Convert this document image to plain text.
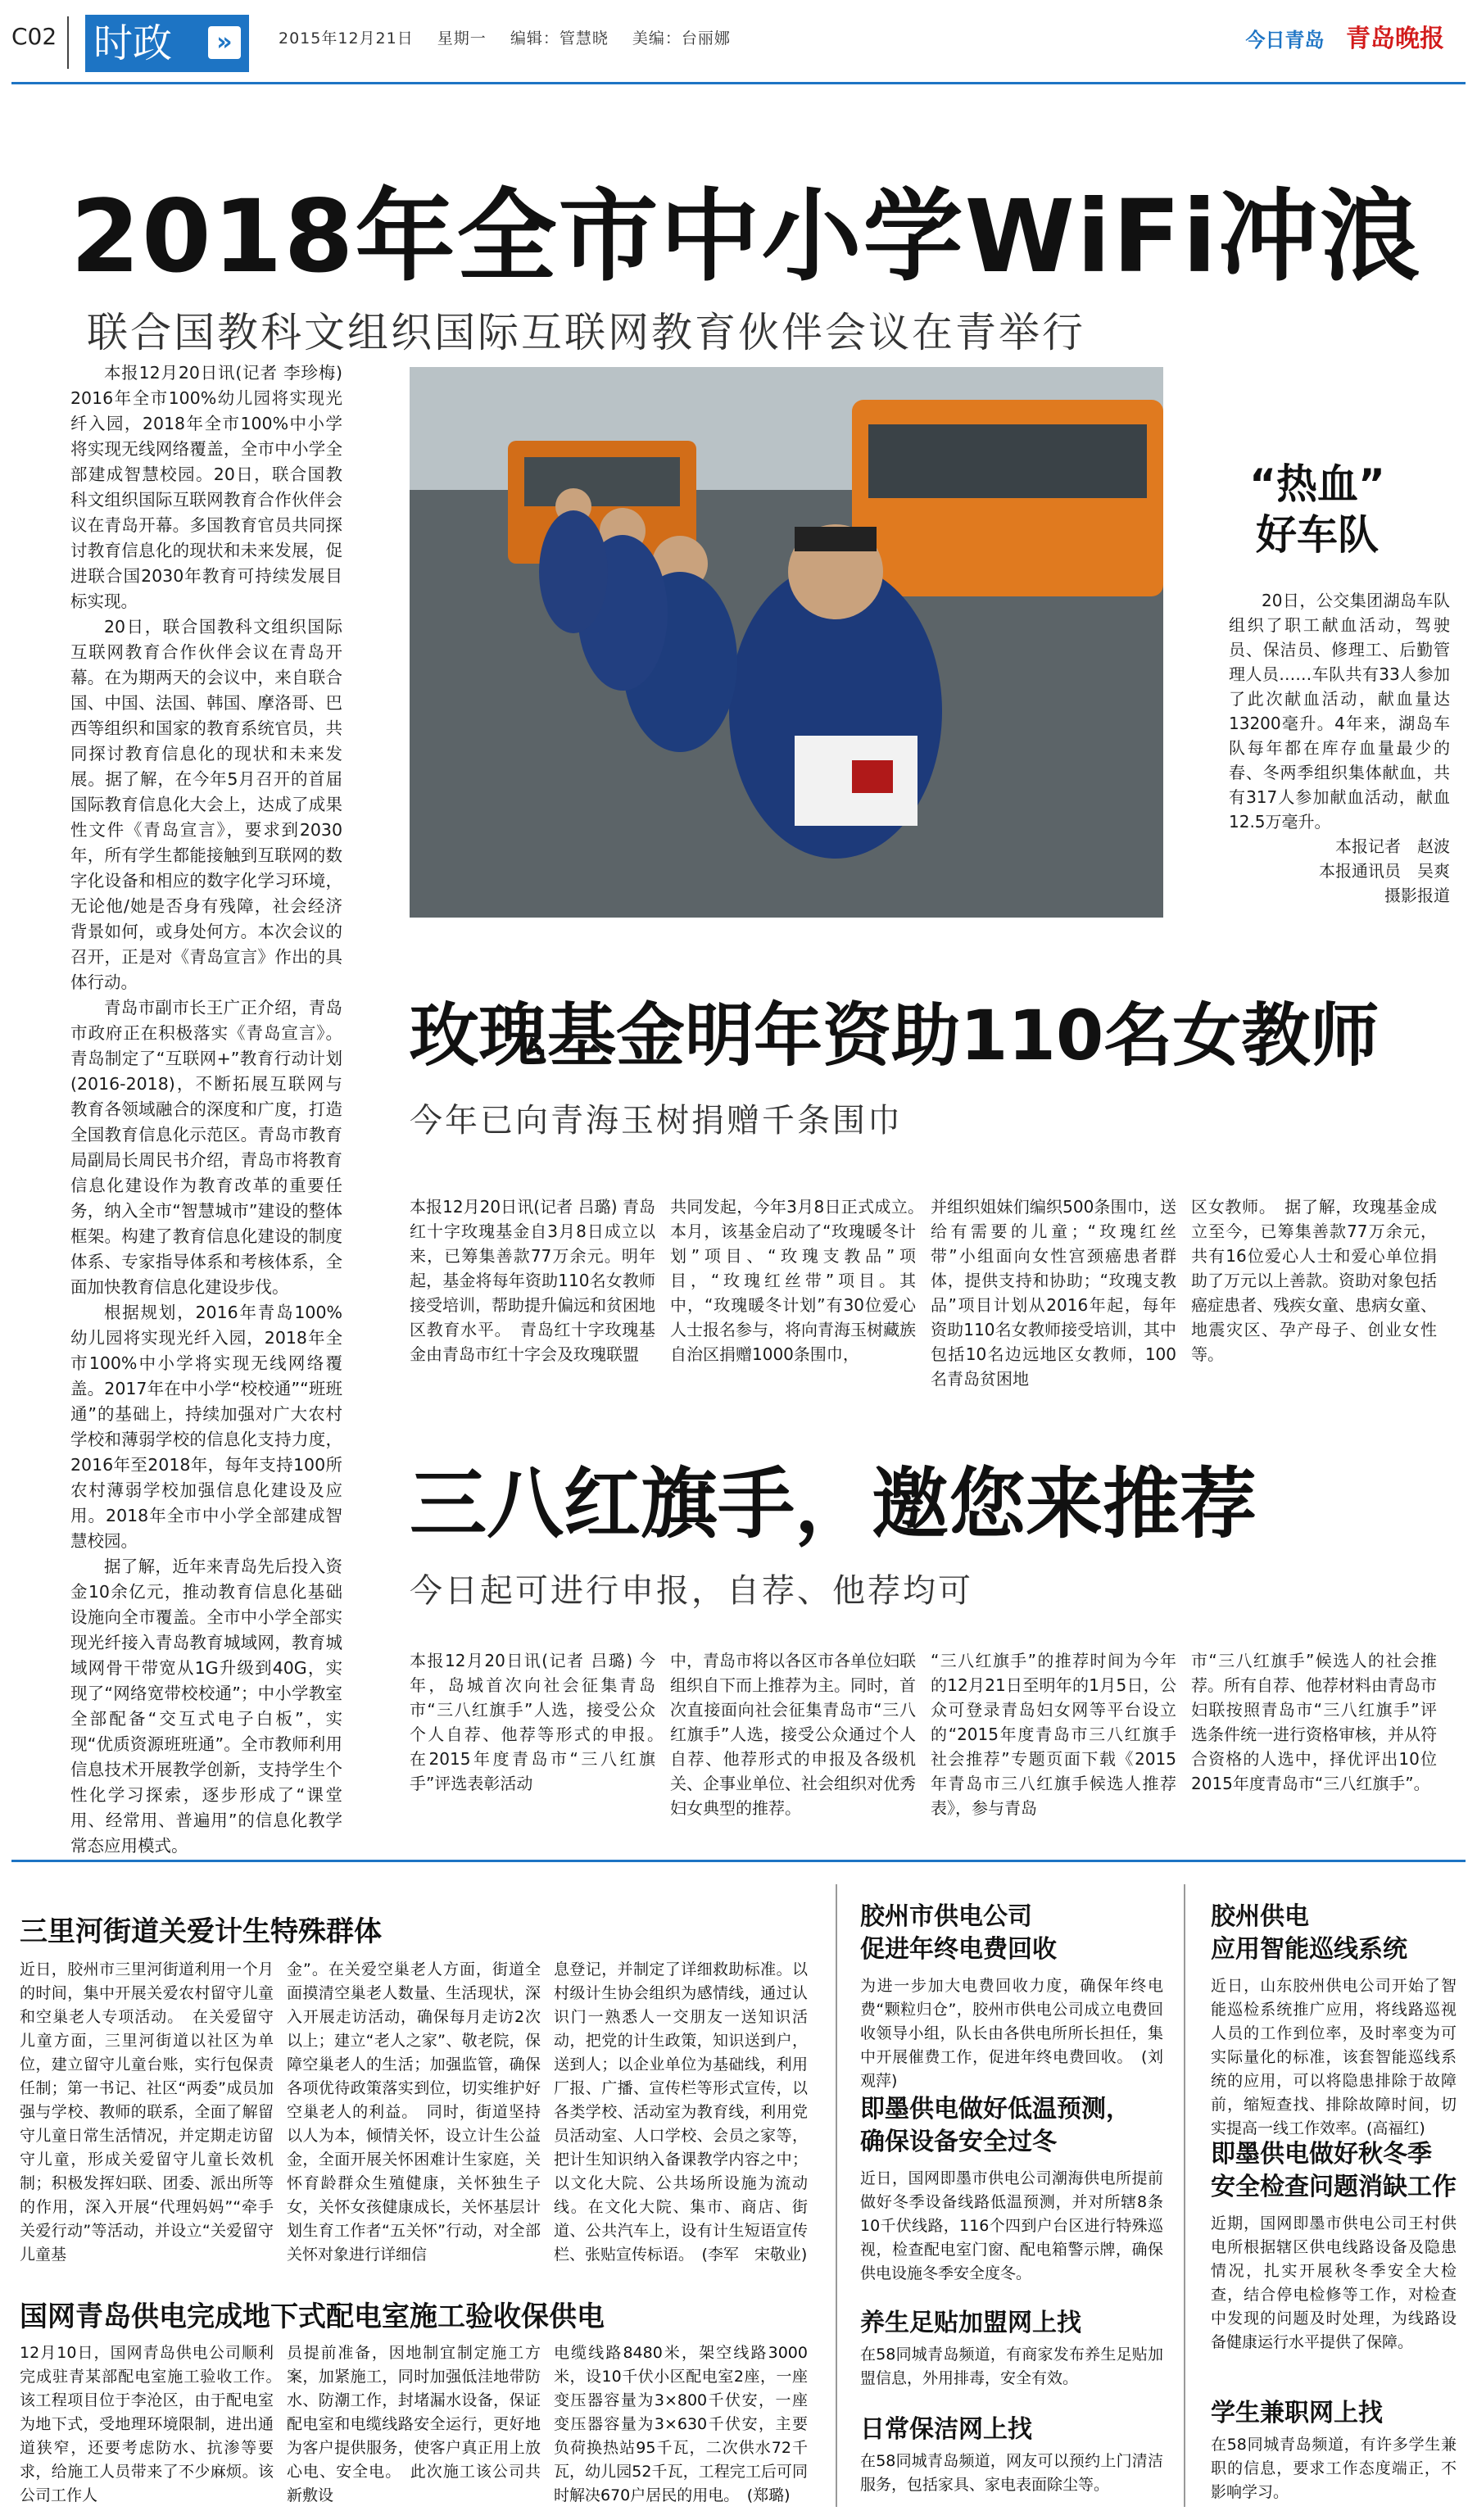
C02 时政	»	2015年12月21日 星期一 编辑：管慧晓 美编：台丽娜	今日青岛 青岛晚报
2018年全市中小学WiFi冲浪
联合国教科文组织国际互联网教育伙伴会议在青举行

本报12月20日讯(记者 李珍梅) 2016年全市100%幼儿园将实现光纤入园，2018年全市100%中小学将实现无线网络覆盖，全市中小学全部建成智慧校园。20日，联合国教科文组织国际互联网教育合作伙伴会议在青岛开幕。多国教育官员共同探讨教育信息化的现状和未来发展，促进联合国2030年教育可持续发展目标实现。

20日，联合国教科文组织国际互联网教育合作伙伴会议在青岛开幕。在为期两天的会议中，来自联合国、中国、法国、韩国、摩洛哥、巴西等组织和国家的教育系统官员，共同探讨教育信息化的现状和未来发展。据了解，在今年5月召开的首届国际教育信息化大会上，达成了成果性文件《青岛宣言》，要求到2030年，所有学生都能接触到互联网的数字化设备和相应的数字化学习环境，无论他/她是否身有残障，社会经济背景如何，或身处何方。本次会议的召开，正是对《青岛宣言》作出的具体行动。

青岛市副市长王广正介绍，青岛市政府正在积极落实《青岛宣言》。青岛制定了“互联网+”教育行动计划(2016-2018)，不断拓展互联网与教育各领域融合的深度和广度，打造全国教育信息化示范区。青岛市教育局副局长周民书介绍，青岛市将教育信息化建设作为教育改革的重要任务，纳入全市“智慧城市”建设的整体框架。构建了教育信息化建设的制度体系、专家指导体系和考核体系，全面加快教育信息化建设步伐。

根据规划，2016年青岛100%幼儿园将实现光纤入园，2018年全市100%中小学将实现无线网络覆盖。2017年在中小学“校校通”“班班通”的基础上，持续加强对广大农村学校和薄弱学校的信息化支持力度，2016年至2018年，每年支持100所农村薄弱学校加强信息化建设及应用。2018年全市中小学全部建成智慧校园。

据了解，近年来青岛先后投入资金10余亿元，推动教育信息化基础设施向全市覆盖。全市中小学全部实现光纤接入青岛教育城域网，教育城域网骨干带宽从1G升级到40G，实现了“网络宽带校校通”；中小学教室全部配备“交互式电子白板”，实现“优质资源班班通”。全市教师利用信息技术开展教学创新，支持学生个性化学习探索，逐步形成了“课堂用、经常用、普遍用”的信息化教学常态应用模式。

“热血”
好车队

20日，公交集团湖岛车队组织了职工献血活动，驾驶员、保洁员、修理工、后勤管理人员……车队共有33人参加了此次献血活动，献血量达13200毫升。4年来，湖岛车队每年都在库存血量最少的春、冬两季组织集体献血，共有317人参加献血活动，献血12.5万毫升。

本报记者　赵波
本报通讯员　吴爽
摄影报道
玫瑰基金明年资助110名女教师
今年已向青海玉树捐赠千条围巾
本报12月20日讯(记者 吕璐) 青岛红十字玫瑰基金自3月8日成立以来，已筹集善款77万余元。明年起，基金将每年资助110名女教师接受培训，帮助提升偏远和贫困地区教育水平。　青岛红十字玫瑰基金由青岛市红十字会及玫瑰联盟
共同发起，今年3月8日正式成立。　本月，该基金启动了“玫瑰暖冬计划”项目、“玫瑰支教品”项目，“玫瑰红丝带”项目。其中，“玫瑰暖冬计划”有30位爱心人士报名参与，将向青海玉树藏族自治区捐赠1000条围巾，
并组织姐妹们编织500条围巾，送给有需要的儿童；“玫瑰红丝带”小组面向女性宫颈癌患者群体，提供支持和协助；“玫瑰支教品”项目计划从2016年起，每年资助110名女教师接受培训，其中包括10名边远地区女教师，100名青岛贫困地
区女教师。　据了解，玫瑰基金成立至今，已筹集善款77万余元，共有16位爱心人士和爱心单位捐助了万元以上善款。资助对象包括癌症患者、残疾女童、患病女童、地震灾区、孕产母子、创业女性等。
三八红旗手，邀您来推荐
今日起可进行申报，自荐、他荐均可
本报12月20日讯(记者 吕璐) 今年，岛城首次向社会征集青岛市“三八红旗手”人选，接受公众个人自荐、他荐等形式的申报。　在2015年度青岛市“三八红旗手”评选表彰活动
中，青岛市将以各区市各单位妇联组织自下而上推荐为主。同时，首次直接面向社会征集青岛市“三八红旗手”人选，接受公众通过个人自荐、他荐形式的申报及各级机关、企事业单位、社会组织对优秀妇女典型的推荐。
“三八红旗手”的推荐时间为今年的12月21日至明年的1月5日，公众可登录青岛妇女网等平台设立的“2015年度青岛市三八红旗手社会推荐”专题页面下载《2015年青岛市三八红旗手候选人推荐表》，参与青岛
市“三八红旗手”候选人的社会推荐。所有自荐、他荐材料由青岛市妇联按照青岛市“三八红旗手”评选条件统一进行资格审核，并从符合资格的人选中，择优评出10位2015年度青岛市“三八红旗手”。
三里河街道关爱计生特殊群体
近日，胶州市三里河街道利用一个月的时间，集中开展关爱农村留守儿童和空巢老人专项活动。　在关爱留守儿童方面，三里河街道以社区为单位，建立留守儿童台账，实行包保责任制；第一书记、社区“两委”成员加强与学校、教师的联系，全面了解留守儿童日常生活情况，并定期走访留守儿童，形成关爱留守儿童长效机制；积极发挥妇联、团委、派出所等的作用，深入开展“代理妈妈”“牵手关爱行动”等活动，并设立“关爱留守儿童基
金”。在关爱空巢老人方面，街道全面摸清空巢老人数量、生活现状，深入开展走访活动，确保每月走访2次以上；建立“老人之家”、敬老院，保障空巢老人的生活；加强监管，确保各项优待政策落实到位，切实维护好空巢老人的利益。　同时，街道坚持以人为本，倾情关怀，设立计生公益金，全面开展关怀困难计生家庭，关怀育龄群众生殖健康，关怀独生子女，关怀女孩健康成长，关怀基层计划生育工作者“五关怀”行动，对全部关怀对象进行详细信
息登记，并制定了详细救助标准。以村级计生协会组织为感情线，通过认识门一熟悉人一交朋友一送知识活动，把党的计生政策，知识送到户，送到人；以企业单位为基础线，利用厂报、广播、宣传栏等形式宣传，以各类学校、活动室为教育线，利用党员活动室、人口学校、会员之家等，把计生知识纳入备课教学内容之中；以文化大院、公共场所设施为流动线。在文化大院、集市、商店、街道、公共汽车上，设有计生短语宣传栏、张贴宣传标语。　(李军　宋敬业)
国网青岛供电完成地下式配电室施工验收保供电
12月10日，国网青岛供电公司顺利完成驻青某部配电室施工验收工作。　该工程项目位于李沧区，由于配电室为地下式，受地理环境限制，进出通道狭窄，还要考虑防水、抗渗等要求，给施工人员带来了不少麻烦。该公司工作人
员提前准备，因地制宜制定施工方案，加紧施工，同时加强低洼地带防水、防潮工作，封堵漏水设备，保证配电室和电缆线路安全运行，更好地为客户提供服务，使客户真正用上放心电、安全电。　此次施工该公司共新敷设
电缆线路8480米，架空线路3000米，设10千伏小区配电室2座，一座变压器容量为3×800千伏安，一座变压器容量为3×630千伏安，主要负荷换热站95千瓦，二次供水72千瓦，幼儿园52千瓦，工程完工后可同时解决670户居民的用电。　(郑璐)
胶州市供电公司
促进年终电费回收
为进一步加大电费回收力度，确保年终电费“颗粒归仓”，胶州市供电公司成立电费回收领导小组，队长由各供电所所长担任，集中开展催费工作，促进年终电费回收。　(刘观萍)
即墨供电做好低温预测，
确保设备安全过冬
近日，国网即墨市供电公司潮海供电所提前做好冬季设备线路低温预测，并对所辖8条10千伏线路，116个四到户台区进行特殊巡视，检查配电室门窗、配电箱警示牌，确保供电设施冬季安全度冬。
养生足贴加盟网上找
在58同城青岛频道，有商家发布养生足贴加盟信息，外用排毒，安全有效。
日常保洁网上找
在58同城青岛频道，网友可以预约上门清洁服务，包括家具、家电表面除尘等。
胶州供电
应用智能巡线系统
近日，山东胶州供电公司开始了智能巡检系统推广应用，将线路巡视人员的工作到位率，及时率变为可实际量化的标准，该套智能巡线系统的应用，可以将隐患排除于故障前，缩短查找、排除故障时间，切实提高一线工作效率。(高福红)
即墨供电做好秋冬季
安全检查问题消缺工作
近期，国网即墨市供电公司王村供电所根据辖区供电线路设备及隐患情况，扎实开展秋冬季安全大检查，结合停电检修等工作，对检查中发现的问题及时处理，为线路设备健康运行水平提供了保障。
学生兼职网上找
在58同城青岛频道，有许多学生兼职的信息，要求工作态度端正，不影响学习。
